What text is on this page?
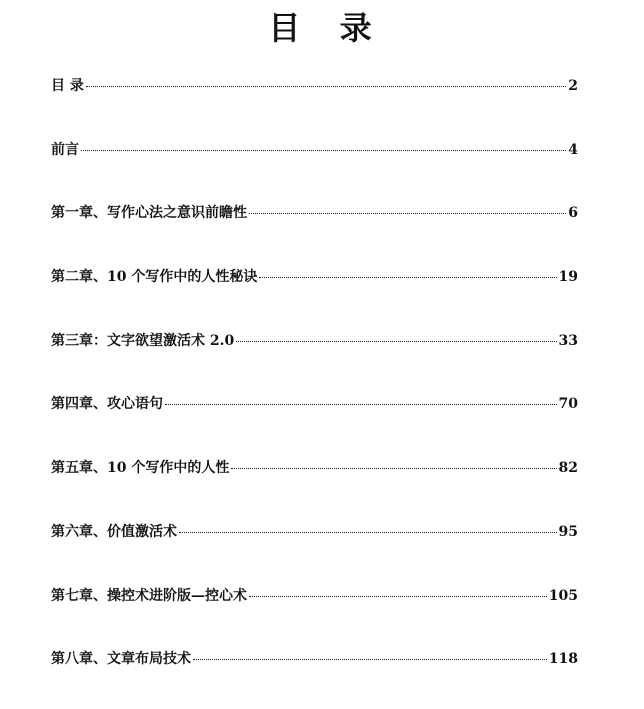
目 录
目 录	2
前言	4
第一章、写作心法之意识前瞻性	6
第二章、10 个写作中的人性秘诀	19
第三章：文字欲望激活术 2.0	33
第四章、攻心语句	70
第五章、10 个写作中的人性	82
第六章、价值激活术	95
第七章、操控术进阶版—控心术	105
第八章、文章布局技术	118
